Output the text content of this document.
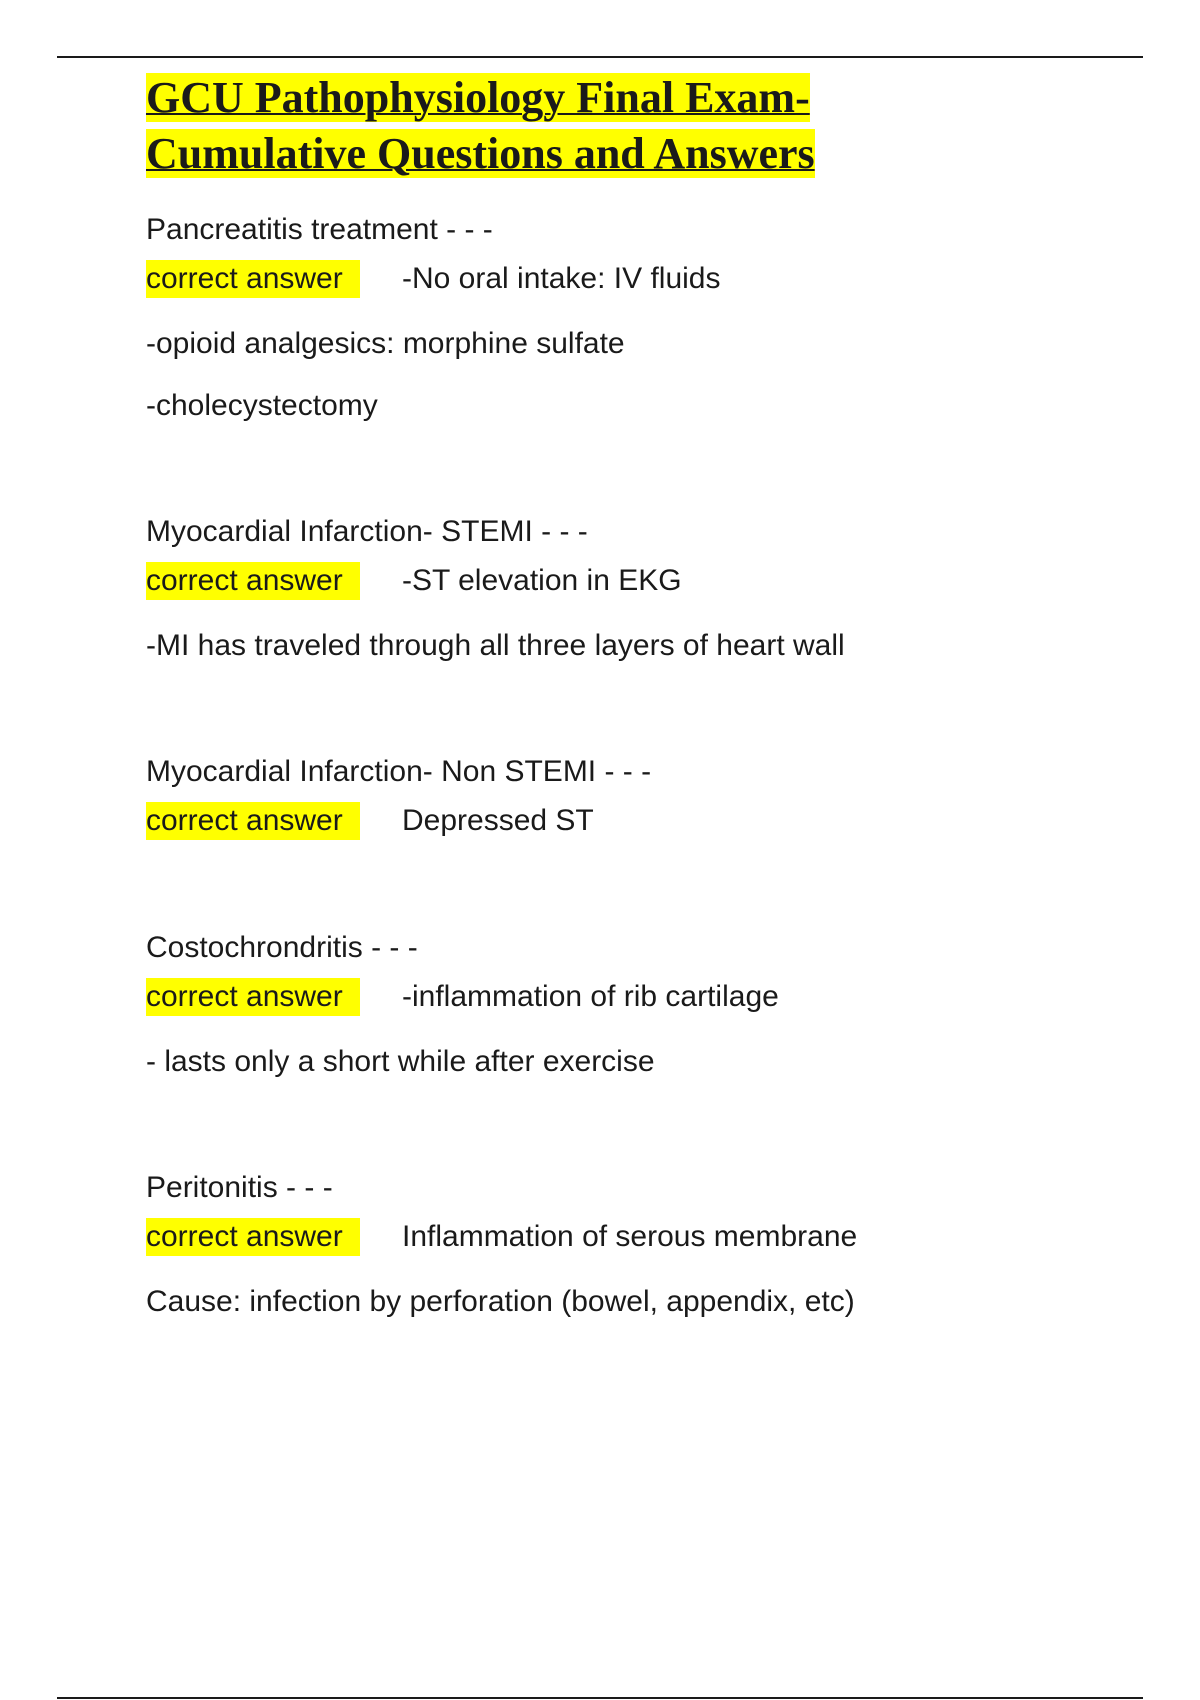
GCU Pathophysiology Final Exam-
Cumulative Questions and Answers

Pancreatitis treatment - - -

correct answer	-No oral intake: IV fluids
-opioid analgesics: morphine sulfate
-cholecystectomy

Myocardial Infarction- STEMI - - -

correct answer	-ST elevation in EKG
-MI has traveled through all three layers of heart wall

Myocardial Infarction- Non STEMI - - -

correct answer	Depressed ST

Costochrondritis - - -

correct answer	-inflammation of rib cartilage
- lasts only a short while after exercise

Peritonitis - - -

correct answer	Inflammation of serous membrane
Cause: infection by perforation (bowel, appendix, etc)
